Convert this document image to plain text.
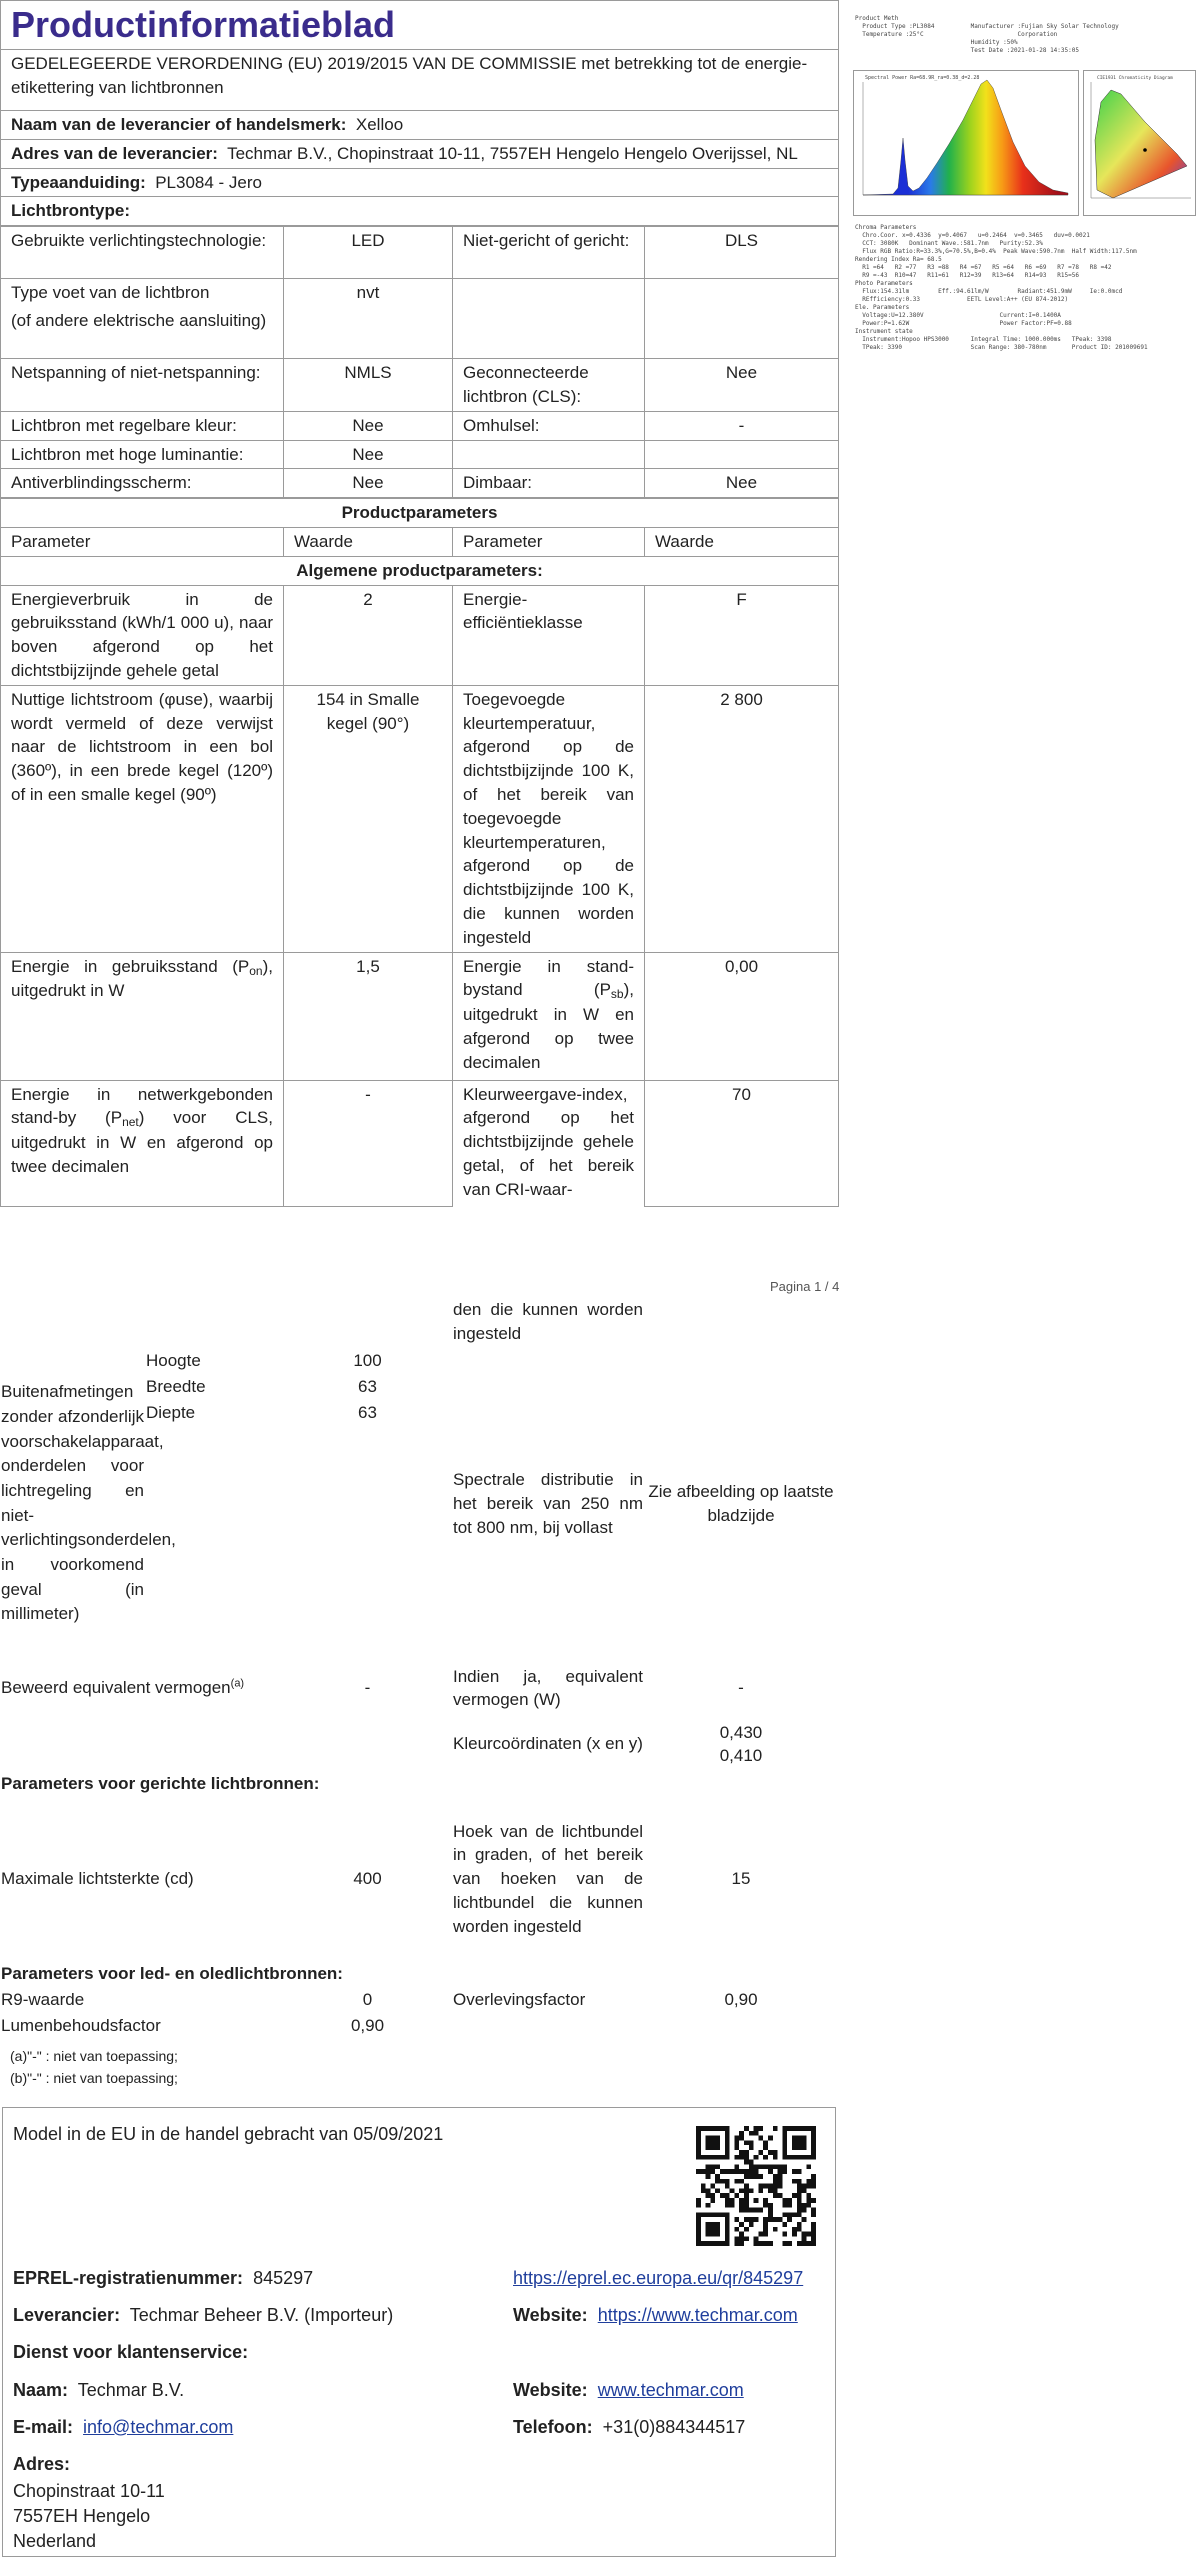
Productinformatieblad
GEDELEGEERDE VERORDENING (EU) 2019/2015 VAN DE COMMISSIE met betrekking tot de energie-etikettering van lichtbronnen
Naam van de leverancier of handelsmerk: Xelloo
Adres van de leverancier: Techmar B.V., Chopinstraat 10-11, 7557EH Hengelo Hengelo Overijssel, NL
Typeaanduiding: PL3084 - Jero
Lichtbrontype:
Gebruikte verlichtingstechnologie:	LED	Niet-gericht of gericht:	DLS

Type voet van de lichtbron
(of andere elektrische aansluiting)	nvt		
Netspanning of niet-netspanning:	NMLS	Geconnecteerde lichtbron (CLS):	Nee
Lichtbron met regelbare kleur:	Nee	Omhulsel:	-
Lichtbron met hoge luminantie:	Nee		
Antiverblindingsscherm:	Nee	Dimbaar:	Nee
Productparameters			
Parameter	Waarde	Parameter	Waarde
Algemene productparameters:			
Energieverbruik in de gebruiksstand (kWh/1 000 u), naar boven afgerond op het dichtstbijzijnde gehele getal	2	Energie-efficiëntieklasse	F
Nuttige lichtstroom (φuse), waarbij wordt vermeld of deze verwijst naar de lichtstroom in een bol (360º), in een brede kegel (120º) of in een smalle kegel (90º)	154 in Smalle kegel (90°)	Toegevoegde kleurtemperatuur, afgerond op de dichtstbijzijnde 100 K, of het bereik van toegevoegde kleurtemperaturen, afgerond op de dichtstbijzijnde 100 K, die kunnen worden ingesteld	2 800
Energie in gebruiksstand $(P_{on})$, uitgedrukt in W	1,5	Energie in stand-bystand $(P_{sb})$, uitgedrukt in W en afgerond op twee decimalen	0,00
Energie in netwerkgebonden stand-by $(P_{net})$ voor CLS, uitgedrukt in W en afgerond op twee decimalen	-	Kleurweergave-index, afgerond op het dichtstbijzijnde gehele getal, of het bereik van CRI-waar-	70
Pagina 1 / 4
			den die kunnen worden ingesteld	
Buitenafmetingen zonder afzonderlijk voorschakelapparaat, onderdelen voor lichtregeling en niet-verlichtingsonderdelen, in voorkomend geval (in millimeter)	Hoogte	100	Spectrale distributie in het bereik van 250 nm tot 800 nm, bij vollast	Zie afbeelding op laatste bladzijde
	Breedte	63		
	Diepte	63		

Beweerd equivalent vermogen$^{(a)}$		-	Indien ja, equivalent vermogen (W)	-
			Kleurcoördinaten (x en y)	0,430
0,410

Parameters voor gerichte lichtbronnen:				
Maximale lichtsterkte (cd)		400	Hoek van de lichtbundel in graden, of het bereik van hoeken van de lichtbundel die kunnen worden ingesteld	15
Parameters voor led- en oledlichtbronnen:				
R9-waarde		0	Overlevingsfactor	0,90
Lumenbehoudsfactor		0,90		
(a)"-" : niet van toepassing;
(b)"-" : niet van toepassing;
Model in de EU in de handel gebracht van 05/09/2021
EPREL-registratienummer: 845297	https://eprel.ec.europa.eu/qr/845297
Leverancier: Techmar Beheer B.V. (Importeur)	Website: https://www.techmar.com
Dienst voor klantenservice:
Naam: Techmar B.V.	Website: www.techmar.com
E-mail: info@techmar.com	Telefoon: +31(0)884344517
Adres:
Chopinstraat 10-11
7557EH Hengelo
Nederland
Product Meth
Product Type :PL3084          Manufacturer :Fujian Sky Solar Technology
Temperature :25°C                          Corporation
Humidity :50%
Test Date :2021-01-28 14:35:05
Spectral Power Ra=68.9R_ra=0.38_d=2.28	CIE1931 Chromaticity Diagram
Chroma Parameters
Chro.Coor. x=0.4336  y=0.4067   u=0.2464  v=0.3465   duv=0.0021
CCT: 3080K   Dominant Wave.:581.7nm   Purity:52.3%
Flux RGB Ratio:R=33.3%,G=70.5%,B=0.4%  Peak Wave:590.7nm  Half Width:117.5nm
Rendering Index Ra= 68.5
R1 =64   R2 =77   R3 =88   R4 =67   R5 =64   R6 =69   R7 =78   R8 =42
R9 =-43  R10=47   R11=61   R12=39   R13=64   R14=93   R15=56
Photo Parameters
Flux:154.31lm        Eff.:94.61lm/W        Radiant:451.9mW     Ie:0.0mcd
REfficiency:0.33             EETL Level:A++ (EU 874-2012)
Ele. Parameters
Voltage:U=12.380V                     Current:I=0.1400A
Power:P=1.62W                         Power Factor:PF=0.88
Instrument state
Instrument:Hopoo HPS3000      Integral Time: 1000.000ms   TPeak: 3398
TPeak: 3390                   Scan Range: 380-780nm       Product ID: 201009691
